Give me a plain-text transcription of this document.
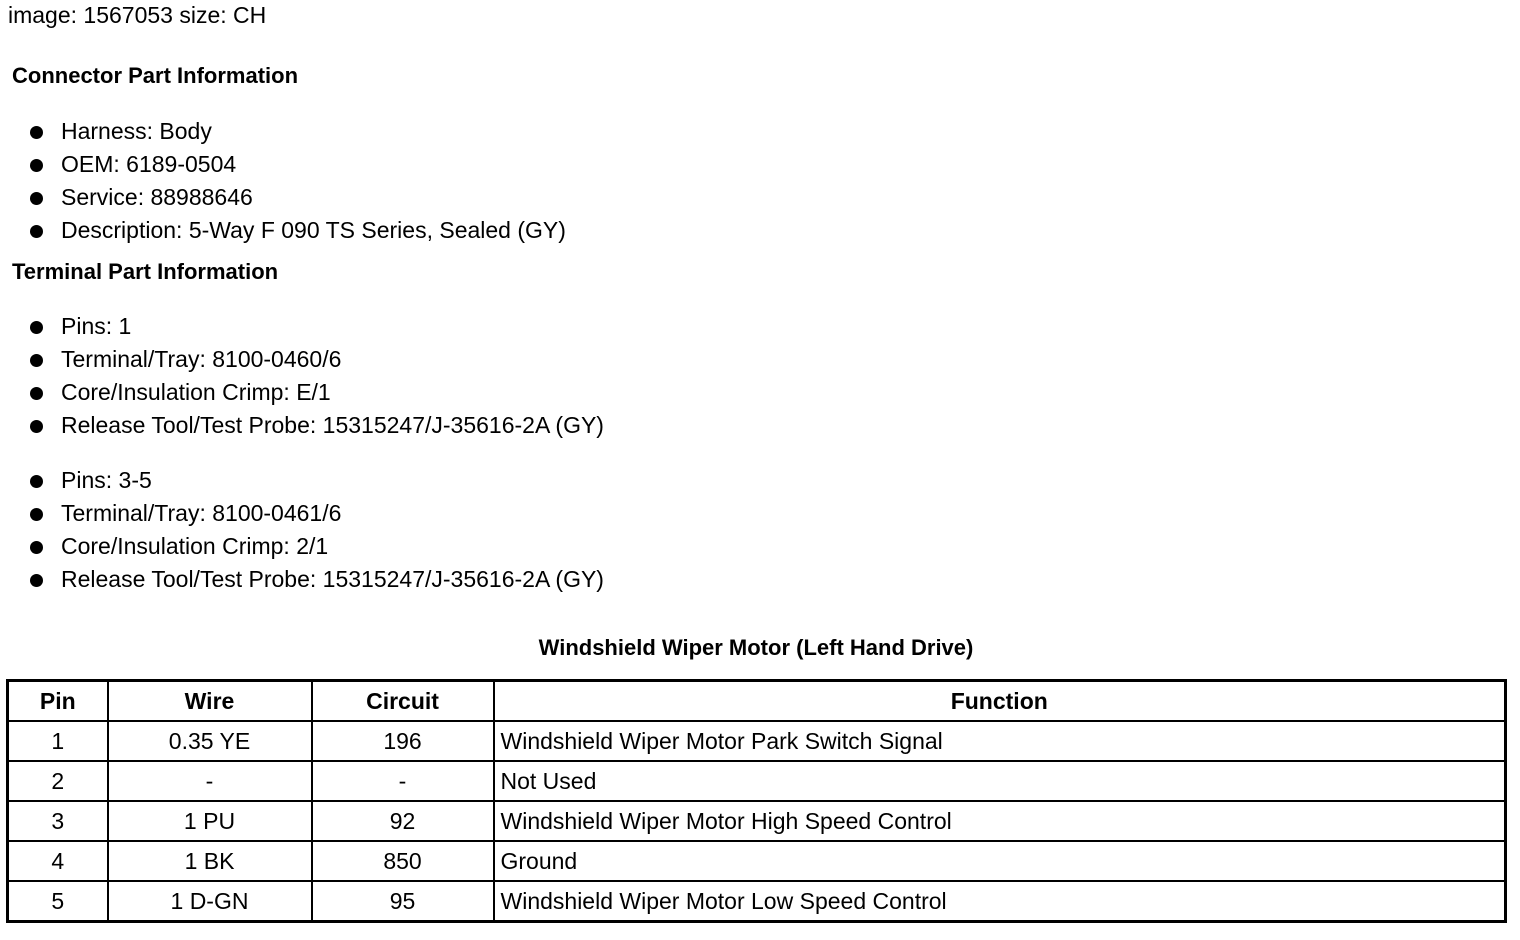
image: 1567053 size: CH
Connector Part Information
Harness: Body
OEM: 6189-0504
Service: 88988646
Description: 5-Way F 090 TS Series, Sealed (GY)
Terminal Part Information
Pins: 1
Terminal/Tray: 8100-0460/6
Core/Insulation Crimp: E/1
Release Tool/Test Probe: 15315247/J-35616-2A (GY)
Pins: 3-5
Terminal/Tray: 8100-0461/6
Core/Insulation Crimp: 2/1
Release Tool/Test Probe: 15315247/J-35616-2A (GY)
Windshield Wiper Motor (Left Hand Drive)
Pin	Wire	Circuit	Function
1	0.35 YE	196	Windshield Wiper Motor Park Switch Signal
2	-	-	Not Used
3	1 PU	92	Windshield Wiper Motor High Speed Control
4	1 BK	850	Ground
5	1 D-GN	95	Windshield Wiper Motor Low Speed Control
